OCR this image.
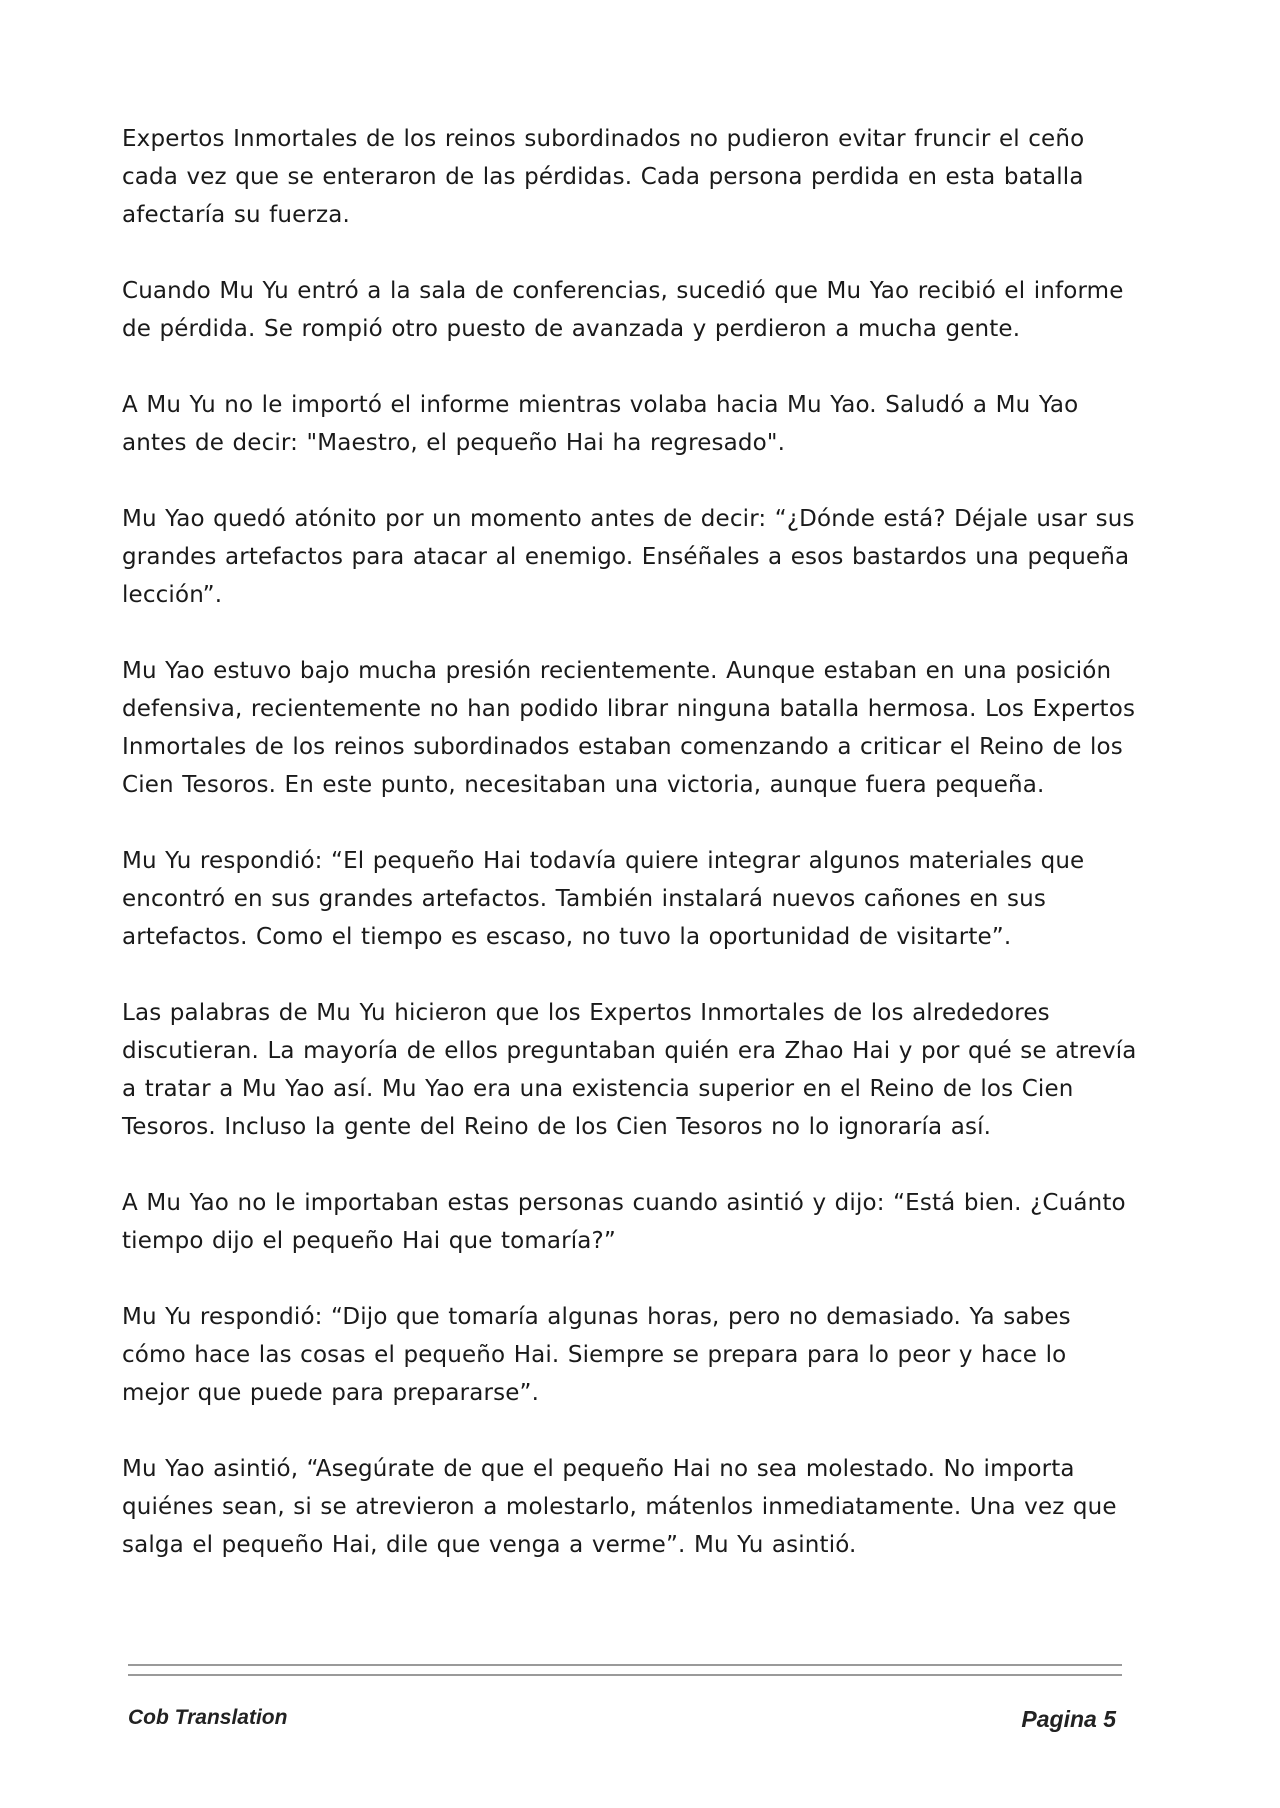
Expertos Inmortales de los reinos subordinados no pudieron evitar fruncir el ceño cada vez que se enteraron de las pérdidas. Cada persona perdida en esta batalla afectaría su fuerza.

Cuando Mu Yu entró a la sala de conferencias, sucedió que Mu Yao recibió el informe de pérdida. Se rompió otro puesto de avanzada y perdieron a mucha gente.

A Mu Yu no le importó el informe mientras volaba hacia Mu Yao. Saludó a Mu Yao antes de decir: "Maestro, el pequeño Hai ha regresado".

Mu Yao quedó atónito por un momento antes de decir: “¿Dónde está? Déjale usar sus grandes artefactos para atacar al enemigo. Enséñales a esos bastardos una pequeña lección”.

Mu Yao estuvo bajo mucha presión recientemente. Aunque estaban en una posición defensiva, recientemente no han podido librar ninguna batalla hermosa. Los Expertos Inmortales de los reinos subordinados estaban comenzando a criticar el Reino de los Cien Tesoros. En este punto, necesitaban una victoria, aunque fuera pequeña.

Mu Yu respondió: “El pequeño Hai todavía quiere integrar algunos materiales que encontró en sus grandes artefactos. También instalará nuevos cañones en sus artefactos. Como el tiempo es escaso, no tuvo la oportunidad de visitarte”.

Las palabras de Mu Yu hicieron que los Expertos Inmortales de los alrededores discutieran. La mayoría de ellos preguntaban quién era Zhao Hai y por qué se atrevía a tratar a Mu Yao así. Mu Yao era una existencia superior en el Reino de los Cien Tesoros. Incluso la gente del Reino de los Cien Tesoros no lo ignoraría así.

A Mu Yao no le importaban estas personas cuando asintió y dijo: “Está bien. ¿Cuánto tiempo dijo el pequeño Hai que tomaría?”

Mu Yu respondió: “Dijo que tomaría algunas horas, pero no demasiado. Ya sabes cómo hace las cosas el pequeño Hai. Siempre se prepara para lo peor y hace lo mejor que puede para prepararse”.

Mu Yao asintió, “Asegúrate de que el pequeño Hai no sea molestado. No importa quiénes sean, si se atrevieron a molestarlo, mátenlos inmediatamente. Una vez que salga el pequeño Hai, dile que venga a verme”. Mu Yu asintió.

Cob Translation	Pagina 5
